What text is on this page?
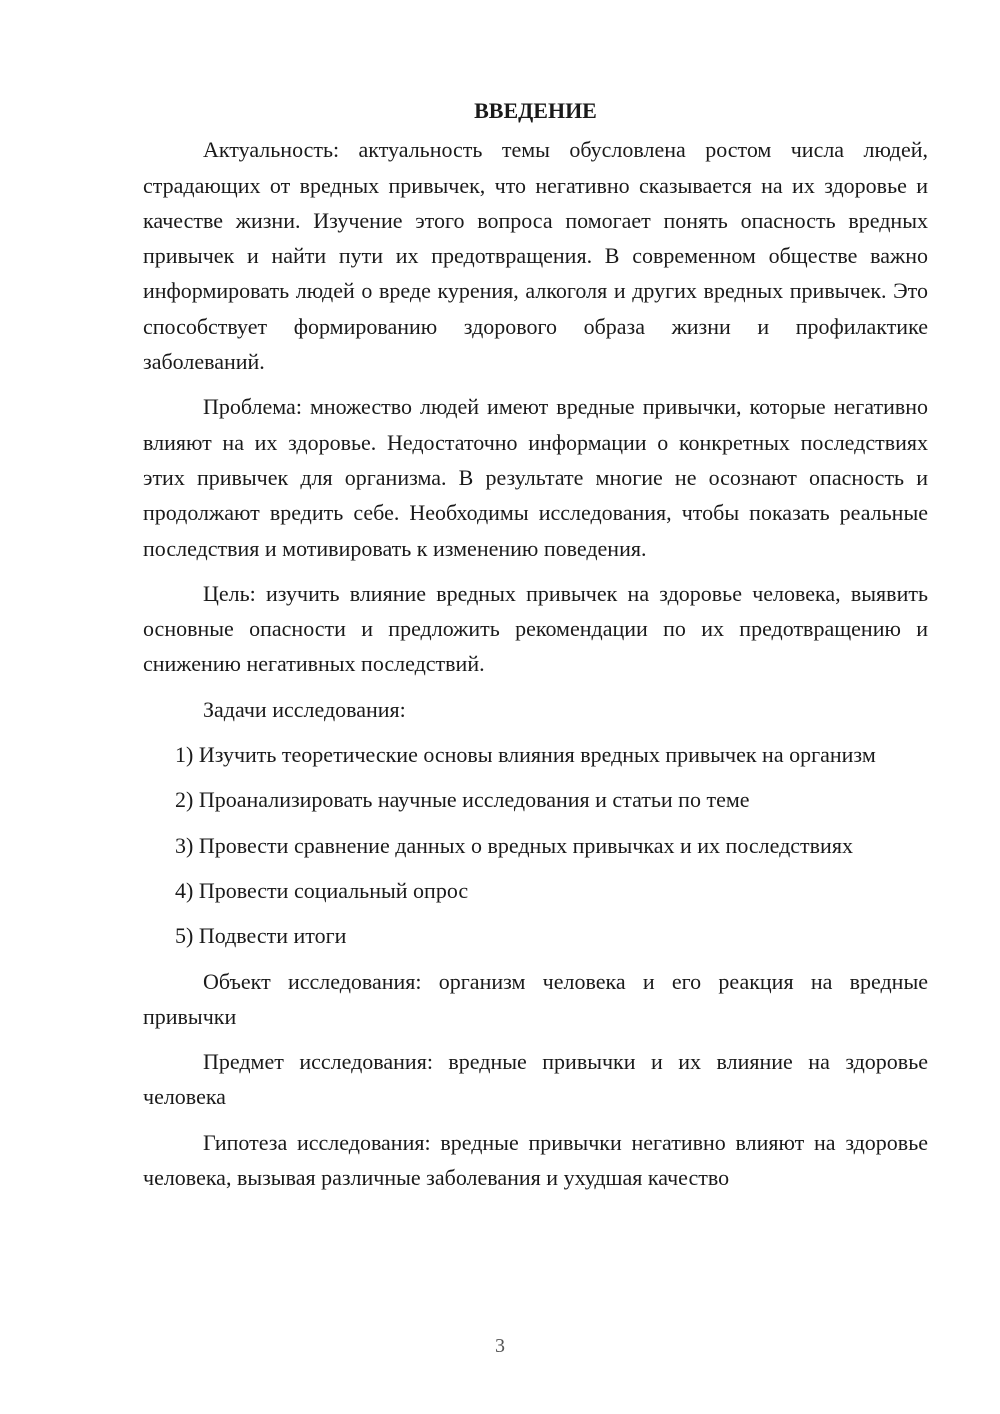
ВВЕДЕНИЕ

Актуальность: актуальность темы обусловлена ростом числа людей, страдающих от вредных привычек, что негативно сказывается на их здоровье и качестве жизни. Изучение этого вопроса помогает понять опасность вредных привычек и найти пути их предотвращения. В современном обществе важно информировать людей о вреде курения, алкоголя и других вредных привычек. Это способствует формированию здорового образа жизни и профилактике заболеваний.

Проблема: множество людей имеют вредные привычки, которые негативно влияют на их здоровье. Недостаточно информации о конкретных последствиях этих привычек для организма. В результате многие не осознают опасность и продолжают вредить себе. Необходимы исследования, чтобы показать реальные последствия и мотивировать к изменению поведения.

Цель: изучить влияние вредных привычек на здоровье человека, выявить основные опасности и предложить рекомендации по их предотвращению и снижению негативных последствий.

Задачи исследования:

1) Изучить теоретические основы влияния вредных привычек на организм

2) Проанализировать научные исследования и статьи по теме

3) Провести сравнение данных о вредных привычках и их последствиях

4) Провести социальный опрос

5) Подвести итоги

Объект исследования: организм человека и его реакция на вредные привычки

Предмет исследования: вредные привычки и их влияние на здоровье человека

Гипотеза исследования: вредные привычки негативно влияют на здоровье человека, вызывая различные заболевания и ухудшая качество

3
